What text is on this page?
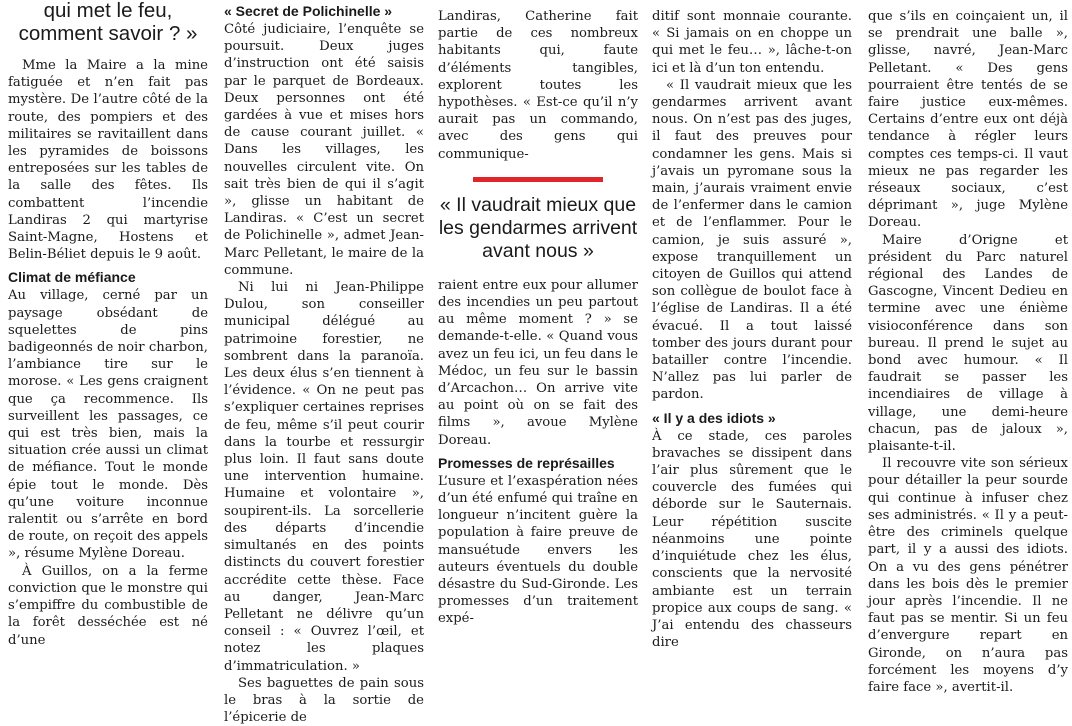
qui met le feu, comment savoir ? »

Mme la Maire a la mine fatiguée et n’en fait pas mystère. De l’autre côté de la route, des pompiers et des militaires se ravitaillent dans les pyramides de boissons entreposées sur les tables de la salle des fêtes. Ils combattent l’incendie Landiras 2 qui martyrise Saint-Magne, Hostens et Belin-Béliet depuis le 9 août.

Climat de méfiance

Au village, cerné par un paysage obsédant de squelettes de pins badigeonnés de noir charbon, l’ambiance tire sur le morose. « Les gens craignent que ça recommence. Ils surveillent les passages, ce qui est très bien, mais la situation crée aussi un climat de méfiance. Tout le monde épie tout le monde. Dès qu’une voiture inconnue ralentit ou s’arrête en bord de route, on reçoit des appels », résume Mylène Doreau.

À Guillos, on a la ferme conviction que le monstre qui s’empiffre du combustible de la forêt desséchée est né d’une

« Secret de Polichinelle »

Côté judiciaire, l’enquête se poursuit. Deux juges d’instruction ont été saisis par le parquet de Bordeaux. Deux personnes ont été gardées à vue et mises hors de cause courant juillet. « Dans les villages, les nouvelles circulent vite. On sait très bien de qui il s’agit », glisse un habitant de Landiras. « C’est un secret de Polichinelle », admet Jean-Marc Pelletant, le maire de la commune.

Ni lui ni Jean-Philippe Dulou, son conseiller municipal délégué au patrimoine forestier, ne sombrent dans la paranoïa. Les deux élus s’en tiennent à l’évidence. « On ne peut pas s’expliquer certaines reprises de feu, même s’il peut courir dans la tourbe et ressurgir plus loin. Il faut sans doute une intervention humaine. Humaine et volontaire », soupirent-ils. La sorcellerie des départs d’incendie simultanés en des points distincts du couvert forestier accrédite cette thèse. Face au danger, Jean-Marc Pelletant ne délivre qu’un conseil : « Ouvrez l’œil, et notez les plaques d’immatriculation. »

Ses baguettes de pain sous le bras à la sortie de l’épicerie de

Landiras, Catherine fait partie de ces nombreux habitants qui, faute d’éléments tangibles, explorent toutes les hypothèses. « Est-ce qu’il n’y aurait pas un commando, avec des gens qui communique-

« Il vaudrait mieux que les gendarmes arrivent avant nous »

raient entre eux pour allumer des incendies un peu partout au même moment ? » se demande-t-elle. « Quand vous avez un feu ici, un feu dans le Médoc, un feu sur le bassin d’Arcachon… On arrive vite au point où on se fait des films », avoue Mylène Doreau.

Promesses de représailles

L’usure et l’exaspération nées d’un été enfumé qui traîne en longueur n’incitent guère la population à faire preuve de mansuétude envers les auteurs éventuels du double désastre du Sud-Gironde. Les promesses d’un traitement expé-

ditif sont monnaie courante. « Si jamais on en choppe un qui met le feu… », lâche-t-on ici et là d’un ton entendu.

« Il vaudrait mieux que les gendarmes arrivent avant nous. On n’est pas des juges, il faut des preuves pour condamner les gens. Mais si j’avais un pyromane sous la main, j’aurais vraiment envie de l’enfermer dans le camion et de l’enflammer. Pour le camion, je suis assuré », expose tranquillement un citoyen de Guillos qui attend son collègue de boulot face à l’église de Landiras. Il a été évacué. Il a tout laissé tomber des jours durant pour batailler contre l’incendie. N’allez pas lui parler de pardon.

« Il y a des idiots »

À ce stade, ces paroles bravaches se dissipent dans l’air plus sûrement que le couvercle des fumées qui déborde sur le Sauternais. Leur répétition suscite néanmoins une pointe d’inquiétude chez les élus, conscients que la nervosité ambiante est un terrain propice aux coups de sang. « J’ai entendu des chasseurs dire

que s’ils en coinçaient un, il se prendrait une balle », glisse, navré, Jean-Marc Pelletant. « Des gens pourraient être tentés de se faire justice eux-mêmes. Certains d’entre eux ont déjà tendance à régler leurs comptes ces temps-ci. Il vaut mieux ne pas regarder les réseaux sociaux, c’est déprimant », juge Mylène Doreau.

Maire d’Origne et président du Parc naturel régional des Landes de Gascogne, Vincent Dedieu en termine avec une énième visioconférence dans son bureau. Il prend le sujet au bond avec humour. « Il faudrait se passer les incendiaires de village à village, une demi-heure chacun, pas de jaloux », plaisante-t-il.

Il recouvre vite son sérieux pour détailler la peur sourde qui continue à infuser chez ses administrés. « Il y a peut-être des criminels quelque part, il y a aussi des idiots. On a vu des gens pénétrer dans les bois dès le premier jour après l’incendie. Il ne faut pas se mentir. Si un feu d’envergure repart en Gironde, on n’aura pas forcément les moyens d’y faire face », avertit-il.
